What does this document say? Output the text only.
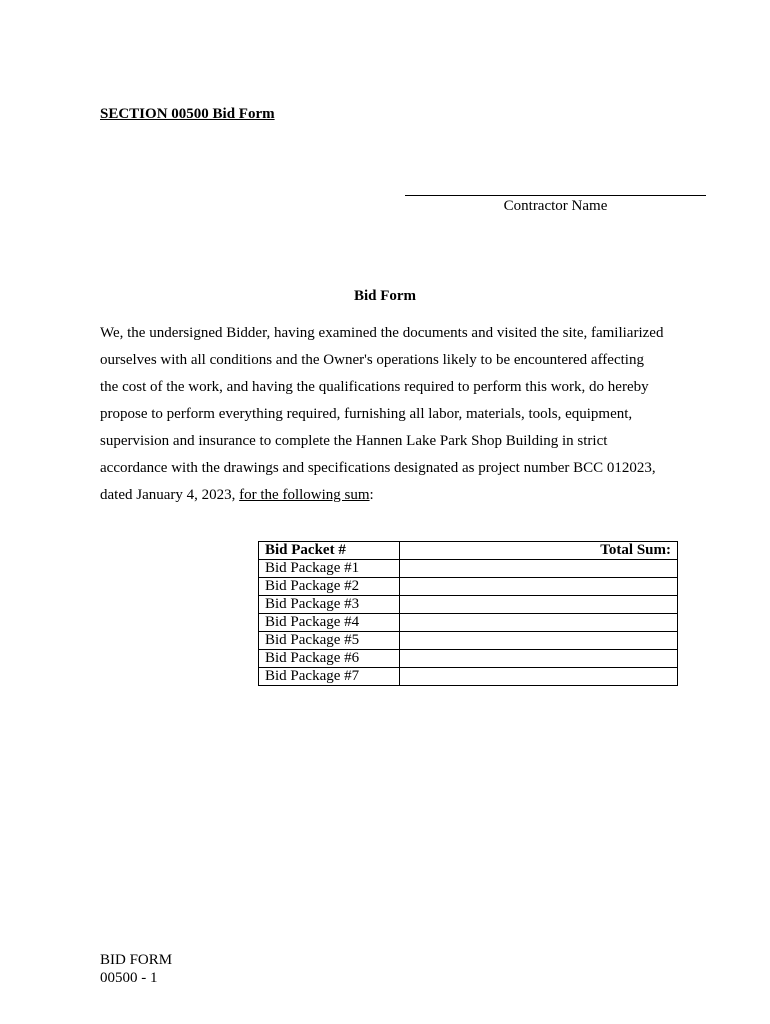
SECTION 00500 Bid Form
Contractor Name
Bid Form
We, the undersigned Bidder, having examined the documents and visited the site, familiarized
ourselves with all conditions and the Owner's operations likely to be encountered affecting
the cost of the work, and having the qualifications required to perform this work, do hereby
propose to perform everything required, furnishing all labor, materials, tools, equipment,
supervision and insurance to complete the Hannen Lake Park Shop Building in strict
accordance with the drawings and specifications designated as project number BCC 012023,
dated January 4, 2023, for the following sum:
Bid Packet #	Total Sum:
Bid Package #1	
Bid Package #2	
Bid Package #3	
Bid Package #4	
Bid Package #5	
Bid Package #6	
Bid Package #7	
BID FORM
00500 - 1
